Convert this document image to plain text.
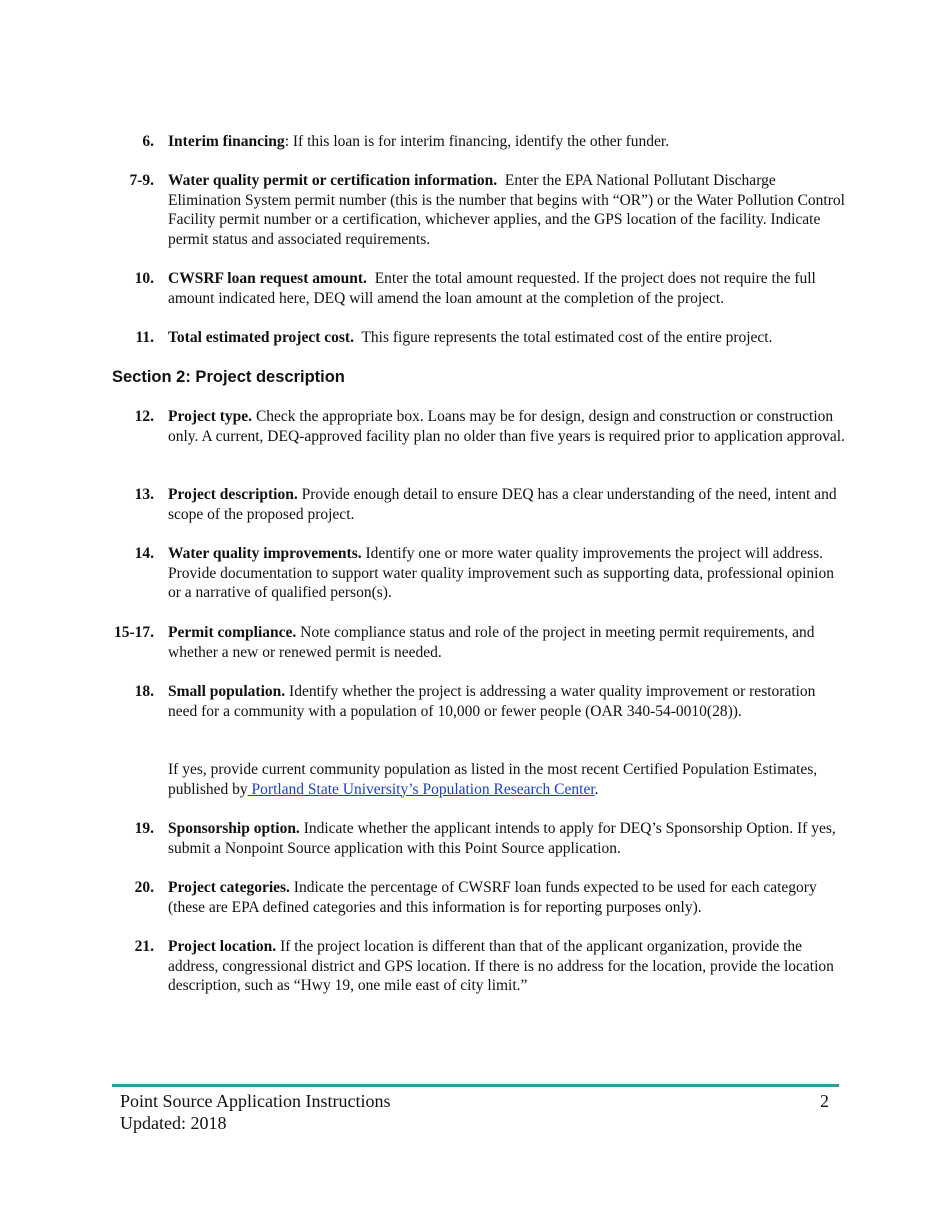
6. Interim financing: If this loan is for interim financing, identify the other funder.
7-9. Water quality permit or certification information. Enter the EPA National Pollutant Discharge Elimination System permit number (this is the number that begins with “OR”) or the Water Pollution Control Facility permit number or a certification, whichever applies, and the GPS location of the facility. Indicate permit status and associated requirements.
10. CWSRF loan request amount. Enter the total amount requested. If the project does not require the full amount indicated here, DEQ will amend the loan amount at the completion of the project.
11. Total estimated project cost. This figure represents the total estimated cost of the entire project.
Section 2: Project description
12. Project type. Check the appropriate box. Loans may be for design, design and construction or construction only. A current, DEQ-approved facility plan no older than five years is required prior to application approval.
13. Project description. Provide enough detail to ensure DEQ has a clear understanding of the need, intent and scope of the proposed project.
14. Water quality improvements. Identify one or more water quality improvements the project will address. Provide documentation to support water quality improvement such as supporting data, professional opinion or a narrative of qualified person(s).
15-17. Permit compliance. Note compliance status and role of the project in meeting permit requirements, and whether a new or renewed permit is needed.
18. Small population. Identify whether the project is addressing a water quality improvement or restoration need for a community with a population of 10,000 or fewer people (OAR 340-54-0010(28)).
If yes, provide current community population as listed in the most recent Certified Population Estimates, published by Portland State University’s Population Research Center.
19. Sponsorship option. Indicate whether the applicant intends to apply for DEQ’s Sponsorship Option. If yes, submit a Nonpoint Source application with this Point Source application.
20. Project categories. Indicate the percentage of CWSRF loan funds expected to be used for each category (these are EPA defined categories and this information is for reporting purposes only).
21. Project location. If the project location is different than that of the applicant organization, provide the address, congressional district and GPS location. If there is no address for the location, provide the location description, such as “Hwy 19, one mile east of city limit.”
Point Source Application Instructions
Updated: 2018
2
